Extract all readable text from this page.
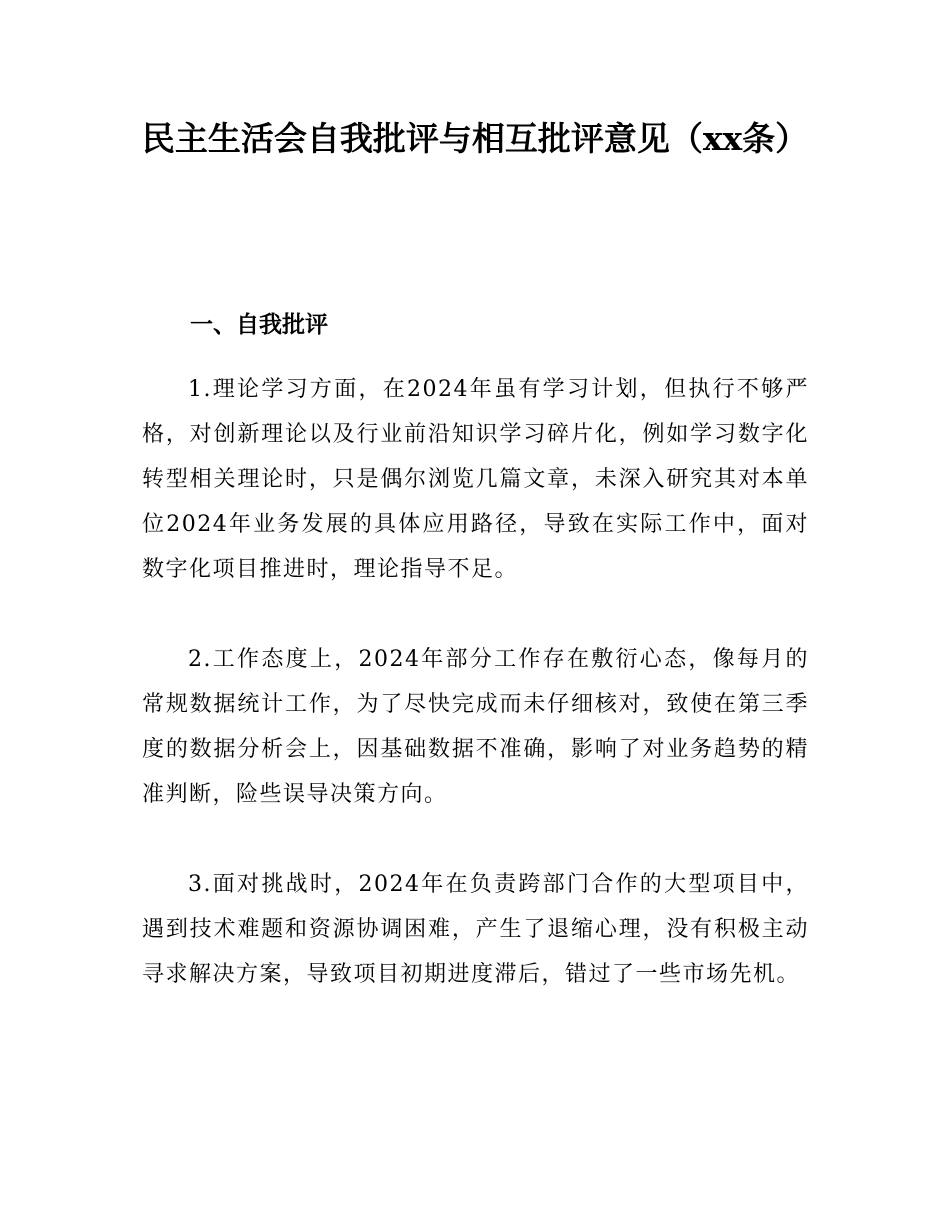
民主生活会自我批评与相互批评意见（xx条）
一、自我批评

1.理论学习方面，在2024年虽有学习计划，但执行不够严格，对创新理论以及行业前沿知识学习碎片化，例如学习数字化转型相关理论时，只是偶尔浏览几篇文章，未深入研究其对本单位2024年业务发展的具体应用路径，导致在实际工作中，面对数字化项目推进时，理论指导不足。

2.工作态度上，2024年部分工作存在敷衍心态，像每月的常规数据统计工作，为了尽快完成而未仔细核对，致使在第三季度的数据分析会上，因基础数据不准确，影响了对业务趋势的精准判断，险些误导决策方向。

3.面对挑战时，2024年在负责跨部门合作的大型项目中，遇到技术难题和资源协调困难，产生了退缩心理，没有积极主动寻求解决方案，导致项目初期进度滞后，错过了一些市场先机。
